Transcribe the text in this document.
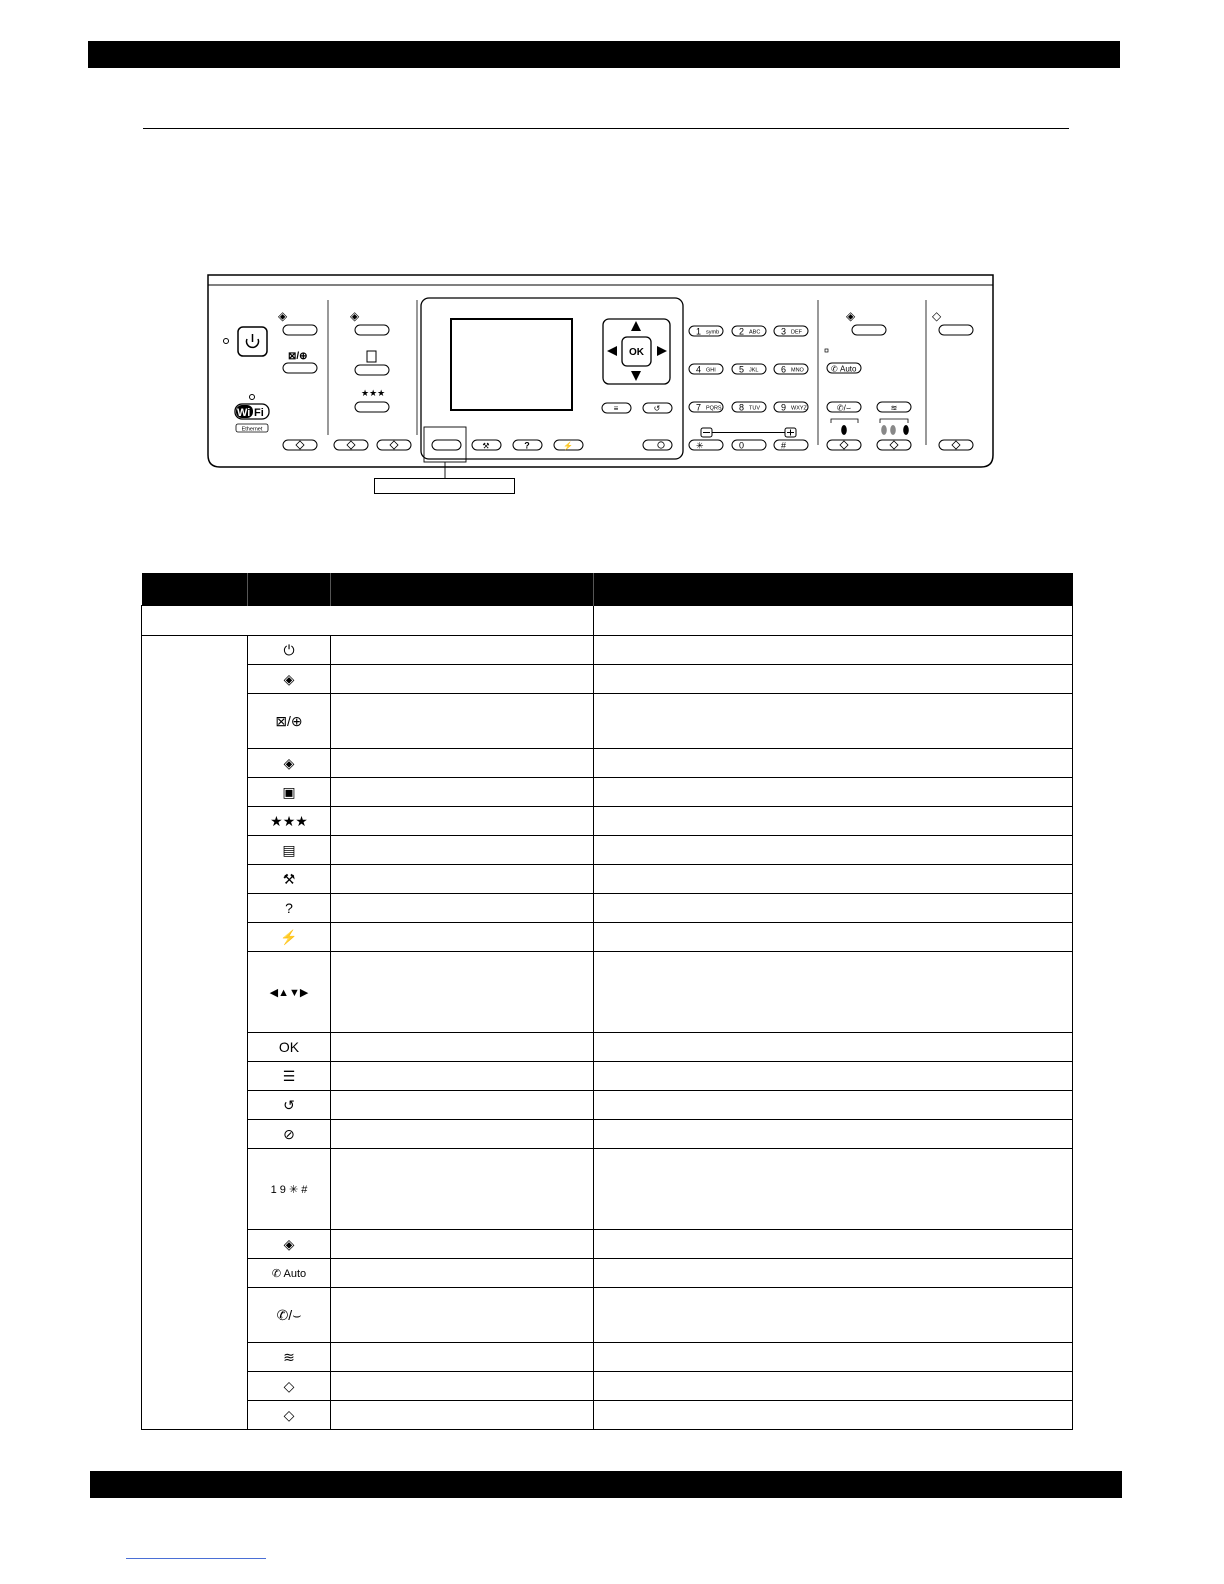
Wi Fi
Ethernet
◈
⊠/⊕
◈
★★★
OK
≡	↺
⚒	?	⚡
1 symb 2 ABC 3 DEF
4 GHI	5 JKL	6 MNO
7 PQRS 8 TUV 9 WXYZ
✳	0	#
◈
✆ Auto
✆/⌣	≋
◇

	⏻		
	◈		
	⊠/⊕		
	◈		
	▣		
	★★★		
	▤		
	⚒		
	?		
	⚡		
	◀▲▼▶		
	OK		
	☰		
	↺		
	⊘		
	1 9 ✳ #		
	◈		
	✆ Auto		
	✆/⌣		
	≋		
	◇		
	◇		
